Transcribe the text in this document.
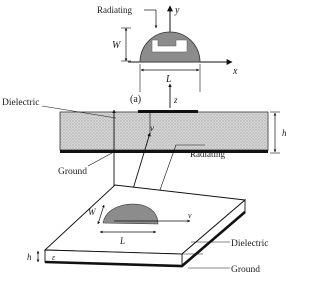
Radiating	y
x
W
L
z
(a)
Dielectric
Ground
Radiating
v	h
W
L
v
h	ε
Dielectric
Ground
